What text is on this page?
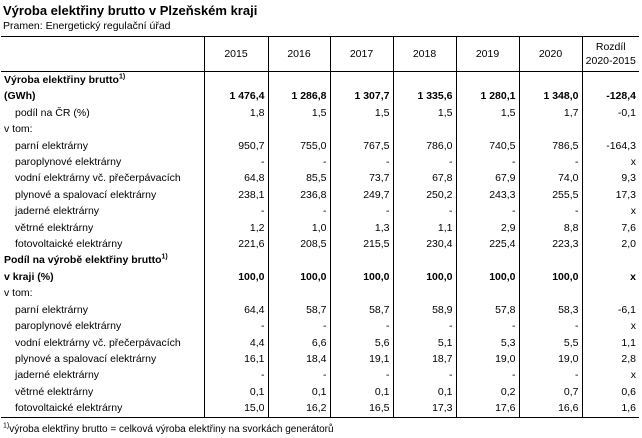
Výroba elektřiny brutto v Plzeňském kraji
Pramen: Energetický regulační úřad
	2015	2016	2017	2018	2019	2020	Rozdíl
2020-2015
Výroba elektřiny brutto$^{1)}$							
(GWh)	1 476,4	1 286,8	1 307,7	1 335,6	1 280,1	1 348,0	-128,4
podíl na ČR (%)	1,8	1,5	1,5	1,5	1,5	1,7	-0,1
v tom:							
parní elektrárny	950,7	755,0	767,5	786,0	740,5	786,5	-164,3
paroplynové elektrárny	-	-	-	-	-	-	x
vodní elektrárny vč. přečerpávacích	64,8	85,5	73,7	67,8	67,9	74,0	9,3
plynové a spalovací elektrárny	238,1	236,8	249,7	250,2	243,3	255,5	17,3
jaderné elektrárny	-	-	-	-	-	-	x
větrné elektrárny	1,2	1,0	1,3	1,1	2,9	8,8	7,6
fotovoltaické elektrárny	221,6	208,5	215,5	230,4	225,4	223,3	2,0
Podíl na výrobě elektřiny brutto$^{1)}$							
v kraji (%)	100,0	100,0	100,0	100,0	100,0	100,0	x
v tom:							
parní elektrárny	64,4	58,7	58,7	58,9	57,8	58,3	-6,1
paroplynové elektrárny	-	-	-	-	-	-	x
vodní elektrárny vč. přečerpávacích	4,4	6,6	5,6	5,1	5,3	5,5	1,1
plynové a spalovací elektrárny	16,1	18,4	19,1	18,7	19,0	19,0	2,8
jaderné elektrárny	-	-	-	-	-	-	x
větrné elektrárny	0,1	0,1	0,1	0,1	0,2	0,7	0,6
fotovoltaické elektrárny	15,0	16,2	16,5	17,3	17,6	16,6	1,6
$^{1)}$výroba elektřiny brutto = celková výroba elektřiny na svorkách generátorů
